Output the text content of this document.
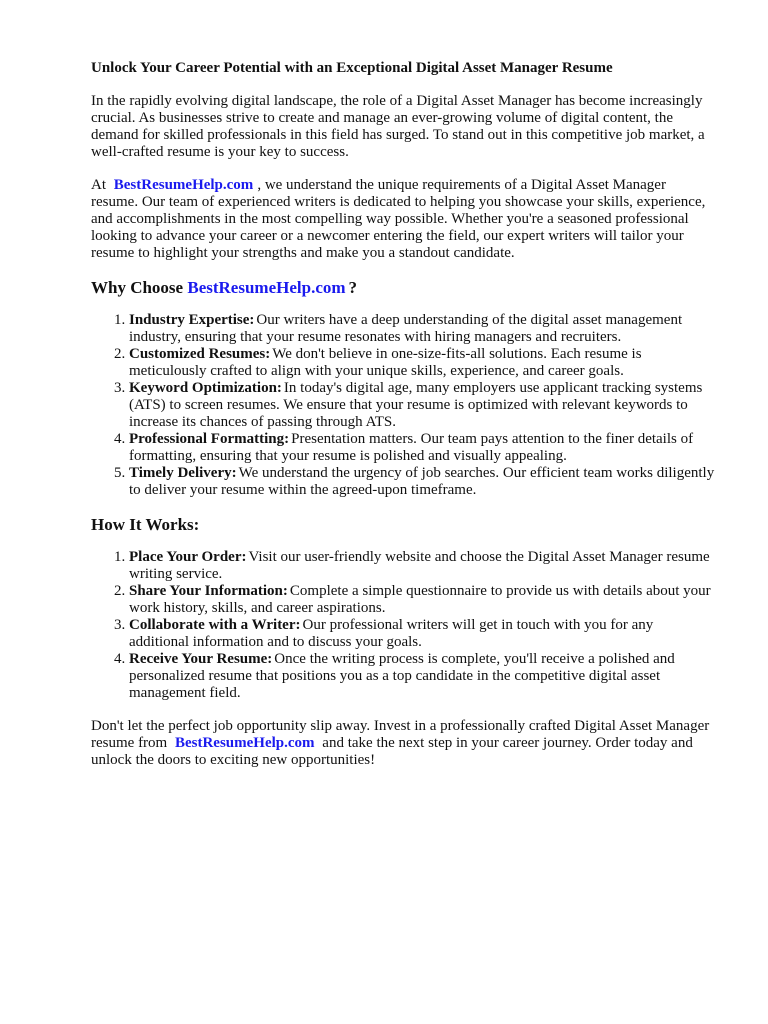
Unlock Your Career Potential with an Exceptional Digital Asset Manager Resume

In the rapidly evolving digital landscape, the role of a Digital Asset Manager has become increasingly crucial. As businesses strive to create and manage an ever-growing volume of digital content, the demand for skilled professionals in this field has surged. To stand out in this competitive job market, a well-crafted resume is your key to success.

At BestResumeHelp.com , we understand the unique requirements of a Digital Asset Manager resume. Our team of experienced writers is dedicated to helping you showcase your skills, experience, and accomplishments in the most compelling way possible. Whether you're a seasoned professional looking to advance your career or a newcomer entering the field, our expert writers will tailor your resume to highlight your strengths and make you a standout candidate.

Why Choose BestResumeHelp.com ?
1. Industry Expertise: Our writers have a deep understanding of the digital asset management industry, ensuring that your resume resonates with hiring managers and recruiters.
2. Customized Resumes: We don't believe in one-size-fits-all solutions. Each resume is meticulously crafted to align with your unique skills, experience, and career goals.
3. Keyword Optimization: In today's digital age, many employers use applicant tracking systems (ATS) to screen resumes. We ensure that your resume is optimized with relevant keywords to increase its chances of passing through ATS.
4. Professional Formatting: Presentation matters. Our team pays attention to the finer details of formatting, ensuring that your resume is polished and visually appealing.
5. Timely Delivery: We understand the urgency of job searches. Our efficient team works diligently to deliver your resume within the agreed-upon timeframe.
How It Works:
1. Place Your Order: Visit our user-friendly website and choose the Digital Asset Manager resume writing service.
2. Share Your Information: Complete a simple questionnaire to provide us with details about your work history, skills, and career aspirations.
3. Collaborate with a Writer: Our professional writers will get in touch with you for any additional information and to discuss your goals.
4. Receive Your Resume: Once the writing process is complete, you'll receive a polished and personalized resume that positions you as a top candidate in the competitive digital asset management field.

Don't let the perfect job opportunity slip away. Invest in a professionally crafted Digital Asset Manager resume from BestResumeHelp.com and take the next step in your career journey. Order today and unlock the doors to exciting new opportunities!
